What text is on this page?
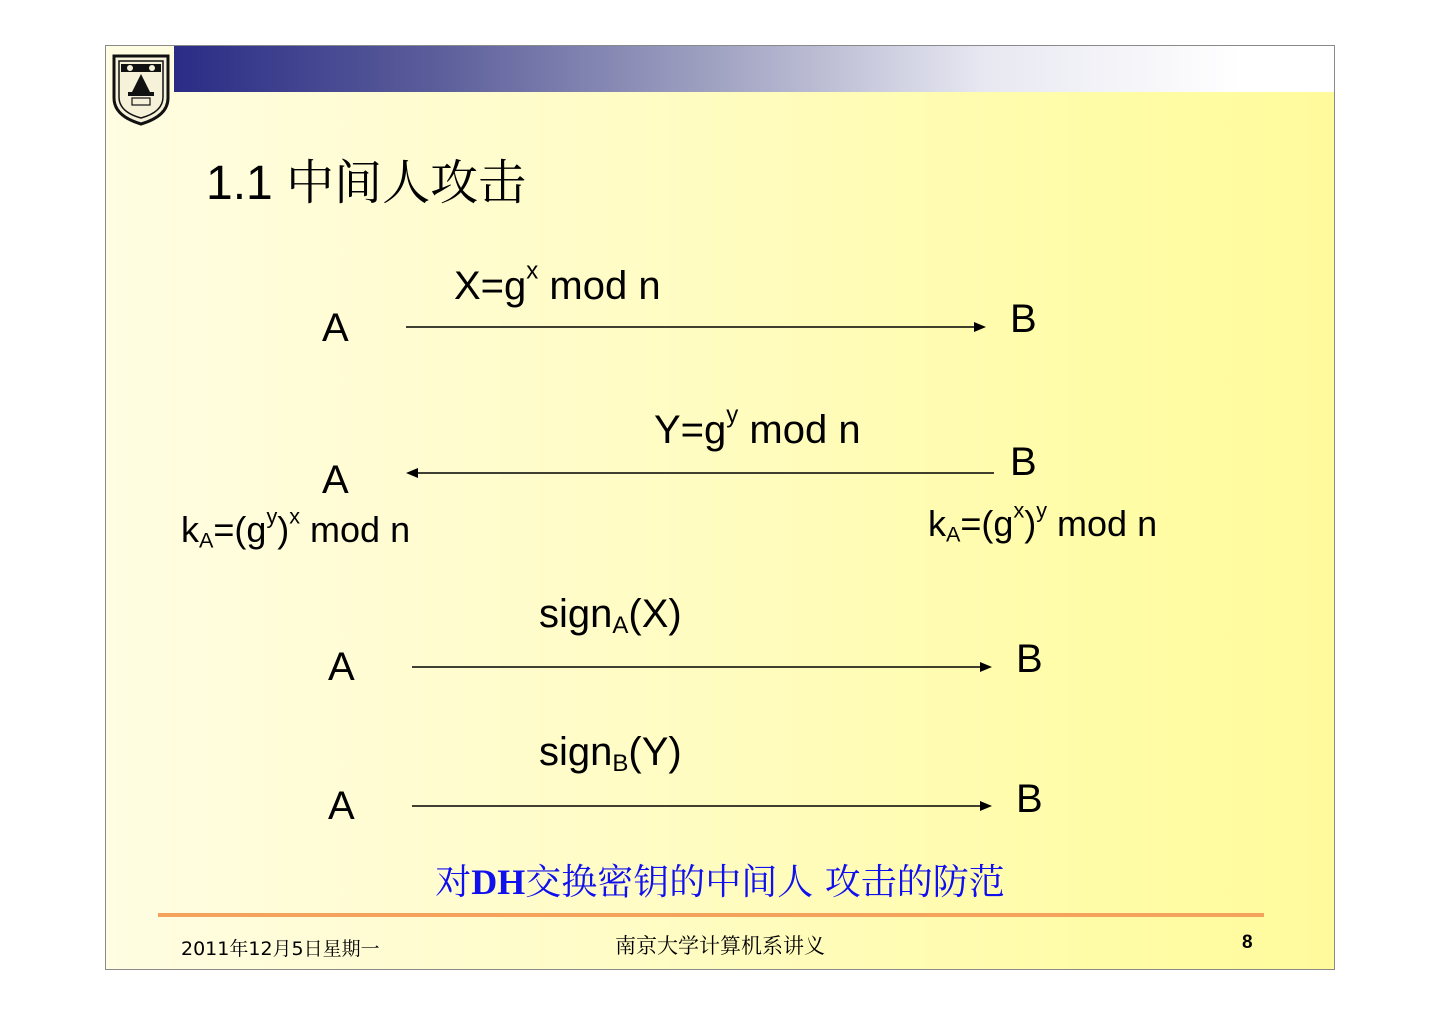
1.1 中间人攻击
A	B
$X=g^x$ mod n
A	B
$Y=g^y$ mod n
$k_A=(g^y)^x$ mod n	$k_A=(g^x)^y$ mod n
A	B
sign$_A$(X)
A	B
sign$_B$(Y)
对DH交换密钥的中间人 攻击的防范
2011年12月5日星期一	南京大学计算机系讲义	8
